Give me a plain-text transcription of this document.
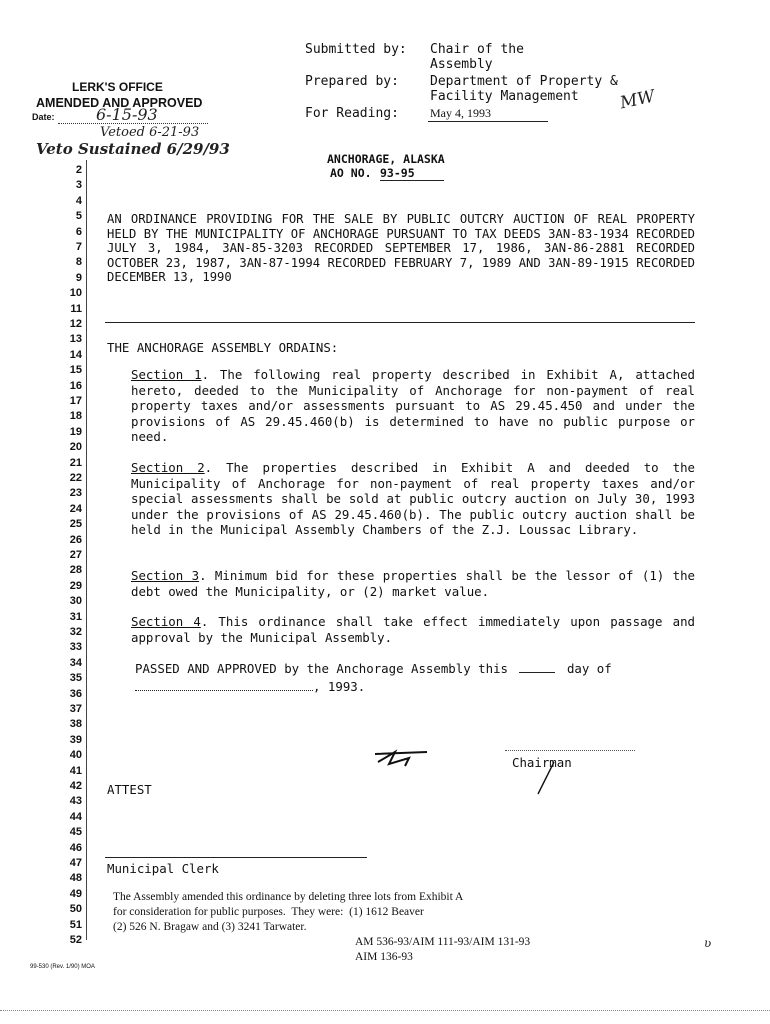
Submitted by: Chair of the
Assembly
Prepared by: Department of Property &
Facility Management
For Reading:	May 4, 1993	MW
LERK'S OFFICE
AMENDED AND APPROVED
Date:	6-15-93
Vetoed 6-21-93
Veto Sustained 6/29/93
ANCHORAGE, ALASKA
AO NO. 93-95
2
3
4
5
6
7
8
9
10
11
12
13
14
15
16
17
18
19
20
21
22
23
24
25
26
27
28
29
30
31
32
33
34
35
36
37
38
39
40
41
42
43
44
45
46
47
48
49
50
51
52
AN ORDINANCE PROVIDING FOR THE SALE BY PUBLIC OUTCRY AUCTION OF REAL PROPERTY HELD BY THE MUNICIPALITY OF ANCHORAGE PURSUANT TO TAX DEEDS 3AN-83-1934 RECORDED JULY 3, 1984, 3AN-85-3203 RECORDED SEPTEMBER 17, 1986, 3AN-86-2881 RECORDED OCTOBER 23, 1987, 3AN-87-1994 RECORDED FEBRUARY 7, 1989 AND 3AN-89-1915 RECORDED DECEMBER 13, 1990
THE ANCHORAGE ASSEMBLY ORDAINS:
Section 1. The following real property described in Exhibit A, attached hereto, deeded to the Municipality of Anchorage for non-payment of real property taxes and/or assessments pursuant to AS 29.45.450 and under the provisions of AS 29.45.460(b) is determined to have no public purpose or need.
Section 2. The properties described in Exhibit A and deeded to the Municipality of Anchorage for non-payment of real property taxes and/or special assessments shall be sold at public outcry auction on July 30, 1993 under the provisions of AS 29.45.460(b). The public outcry auction shall be held in the Municipal Assembly Chambers of the Z.J. Loussac Library.
Section 3. Minimum bid for these properties shall be the lessor of (1) the debt owed the Municipality, or (2) market value.
Section 4. This ordinance shall take effect immediately upon passage and approval by the Municipal Assembly.
PASSED AND APPROVED by the Anchorage Assembly this	day of
, 1993.
Chairman
ATTEST
Municipal Clerk
The Assembly amended this ordinance by deleting three lots from Exhibit A
for consideration for public purposes.  They were:  (1) 1612 Beaver
(2) 526 N. Bragaw and (3) 3241 Tarwater.
AM 536-93/AIM 111-93/AIM 131-93
AIM 136-93
ʋ
99-530 (Rev. 1/90) MOA
